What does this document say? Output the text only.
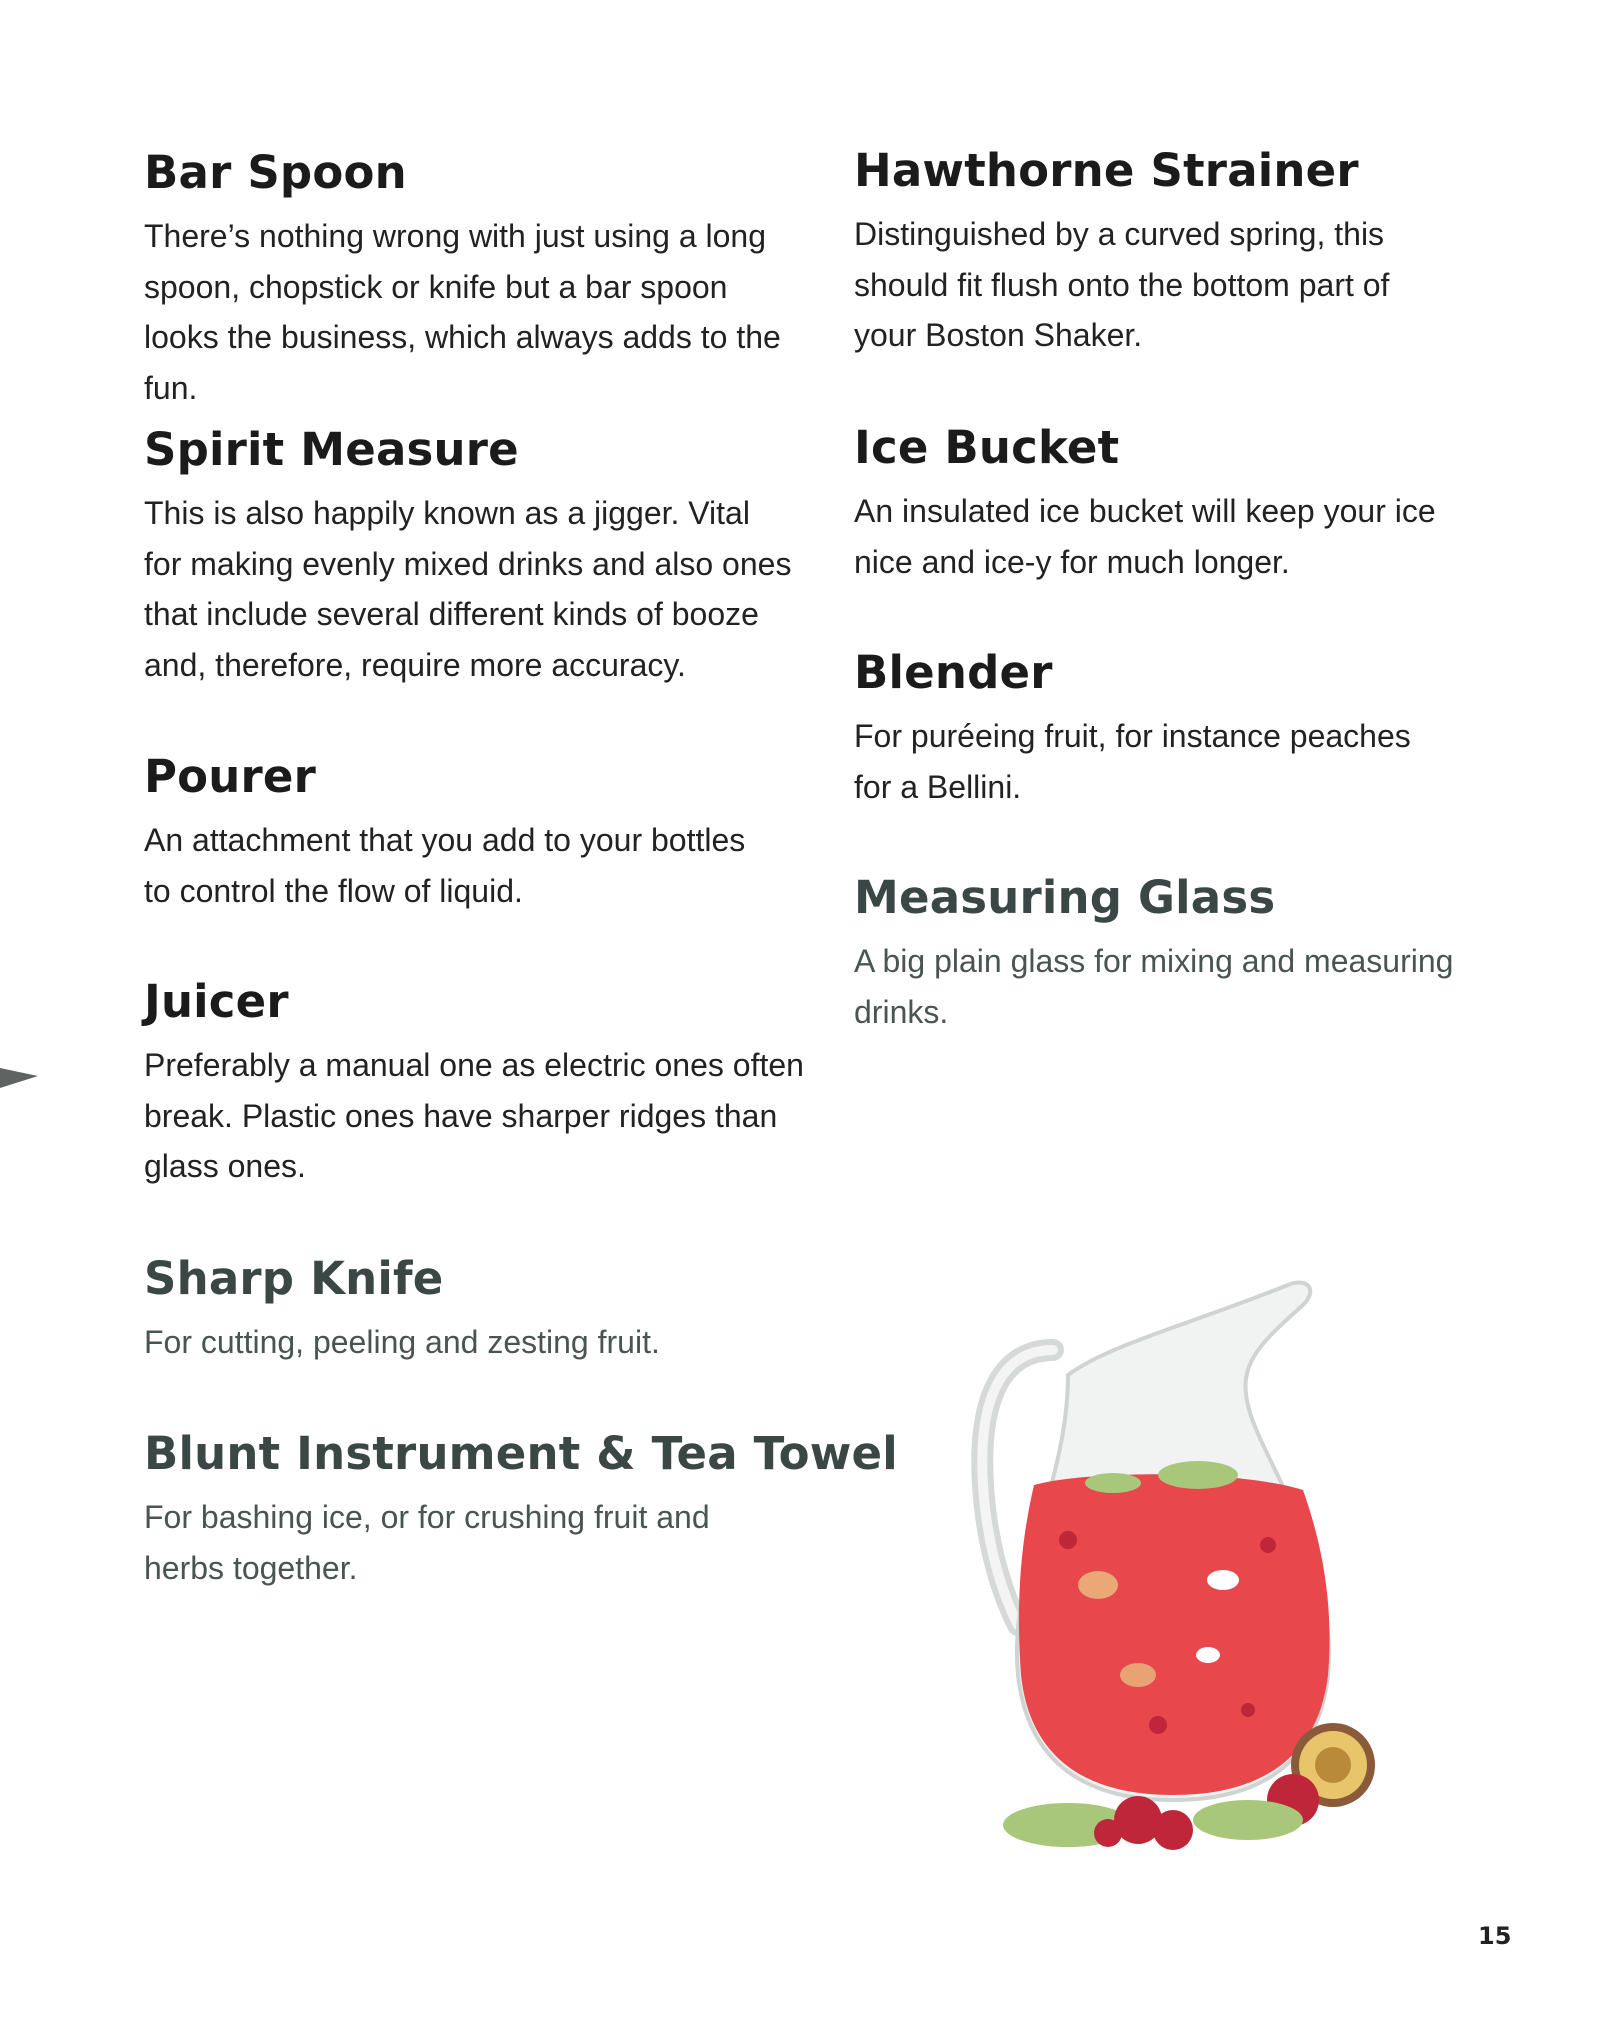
Bar Spoon

There’s nothing wrong with just using a long spoon, chopstick or knife but a bar spoon looks the business, which always adds to the fun.

Spirit Measure

This is also happily known as a jigger. Vital for making evenly mixed drinks and also ones that include several different kinds of booze and, therefore, require more accuracy.

Pourer

An attachment that you add to your bottles to control the flow of liquid.

Juicer

Preferably a manual one as electric ones often break. Plastic ones have sharper ridges than glass ones.

Sharp Knife

For cutting, peeling and zesting fruit.

Blunt Instrument & Tea Towel

For bashing ice, or for crushing fruit and herbs together.

Hawthorne Strainer

Distinguished by a curved spring, this should fit flush onto the bottom part of your Boston Shaker.

Ice Bucket

An insulated ice bucket will keep your ice nice and ice-y for much longer.

Blender

For puréeing fruit, for instance peaches for a Bellini.

Measuring Glass

A big plain glass for mixing and measuring drinks.

15
